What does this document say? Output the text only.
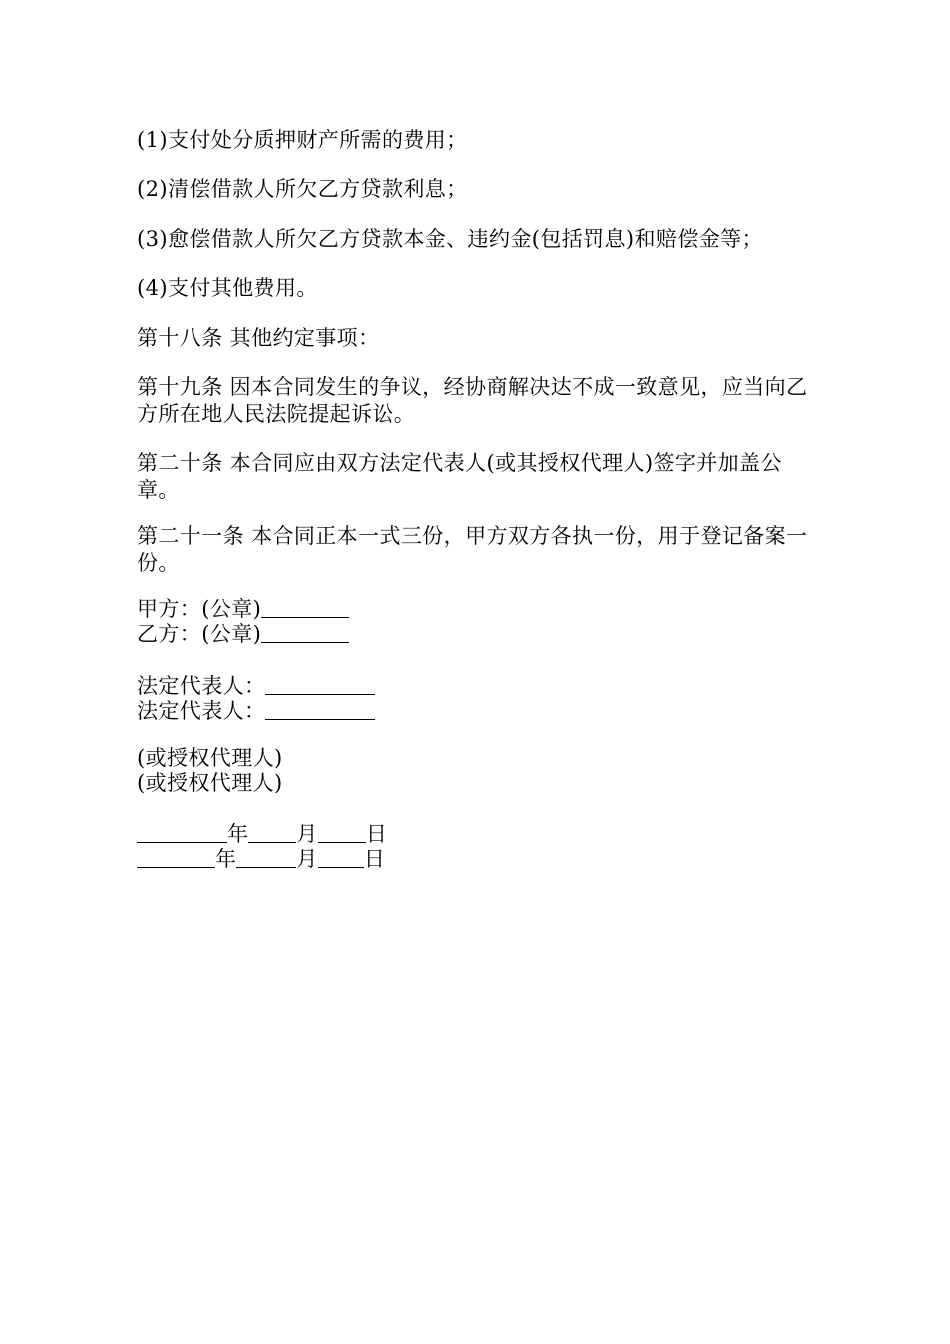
(1)支付处分质押财产所需的费用；
(2)清偿借款人所欠乙方贷款利息；
(3)愈偿借款人所欠乙方贷款本金、违约金(包括罚息)和赔偿金等；
(4)支付其他费用。
第十八条 其他约定事项：
第十九条 因本合同发生的争议，经协商解决达不成一致意见，应当向乙方所在地人民法院提起诉讼。
第二十条 本合同应由双方法定代表人(或其授权代理人)签字并加盖公章。
第二十一条 本合同正本一式三份，甲方双方各执一份，用于登记备案一份。
甲方：(公章)
乙方：(公章)
法定代表人：
法定代表人：
(或授权代理人)
(或授权代理人)
年 月 日
年	月 日
